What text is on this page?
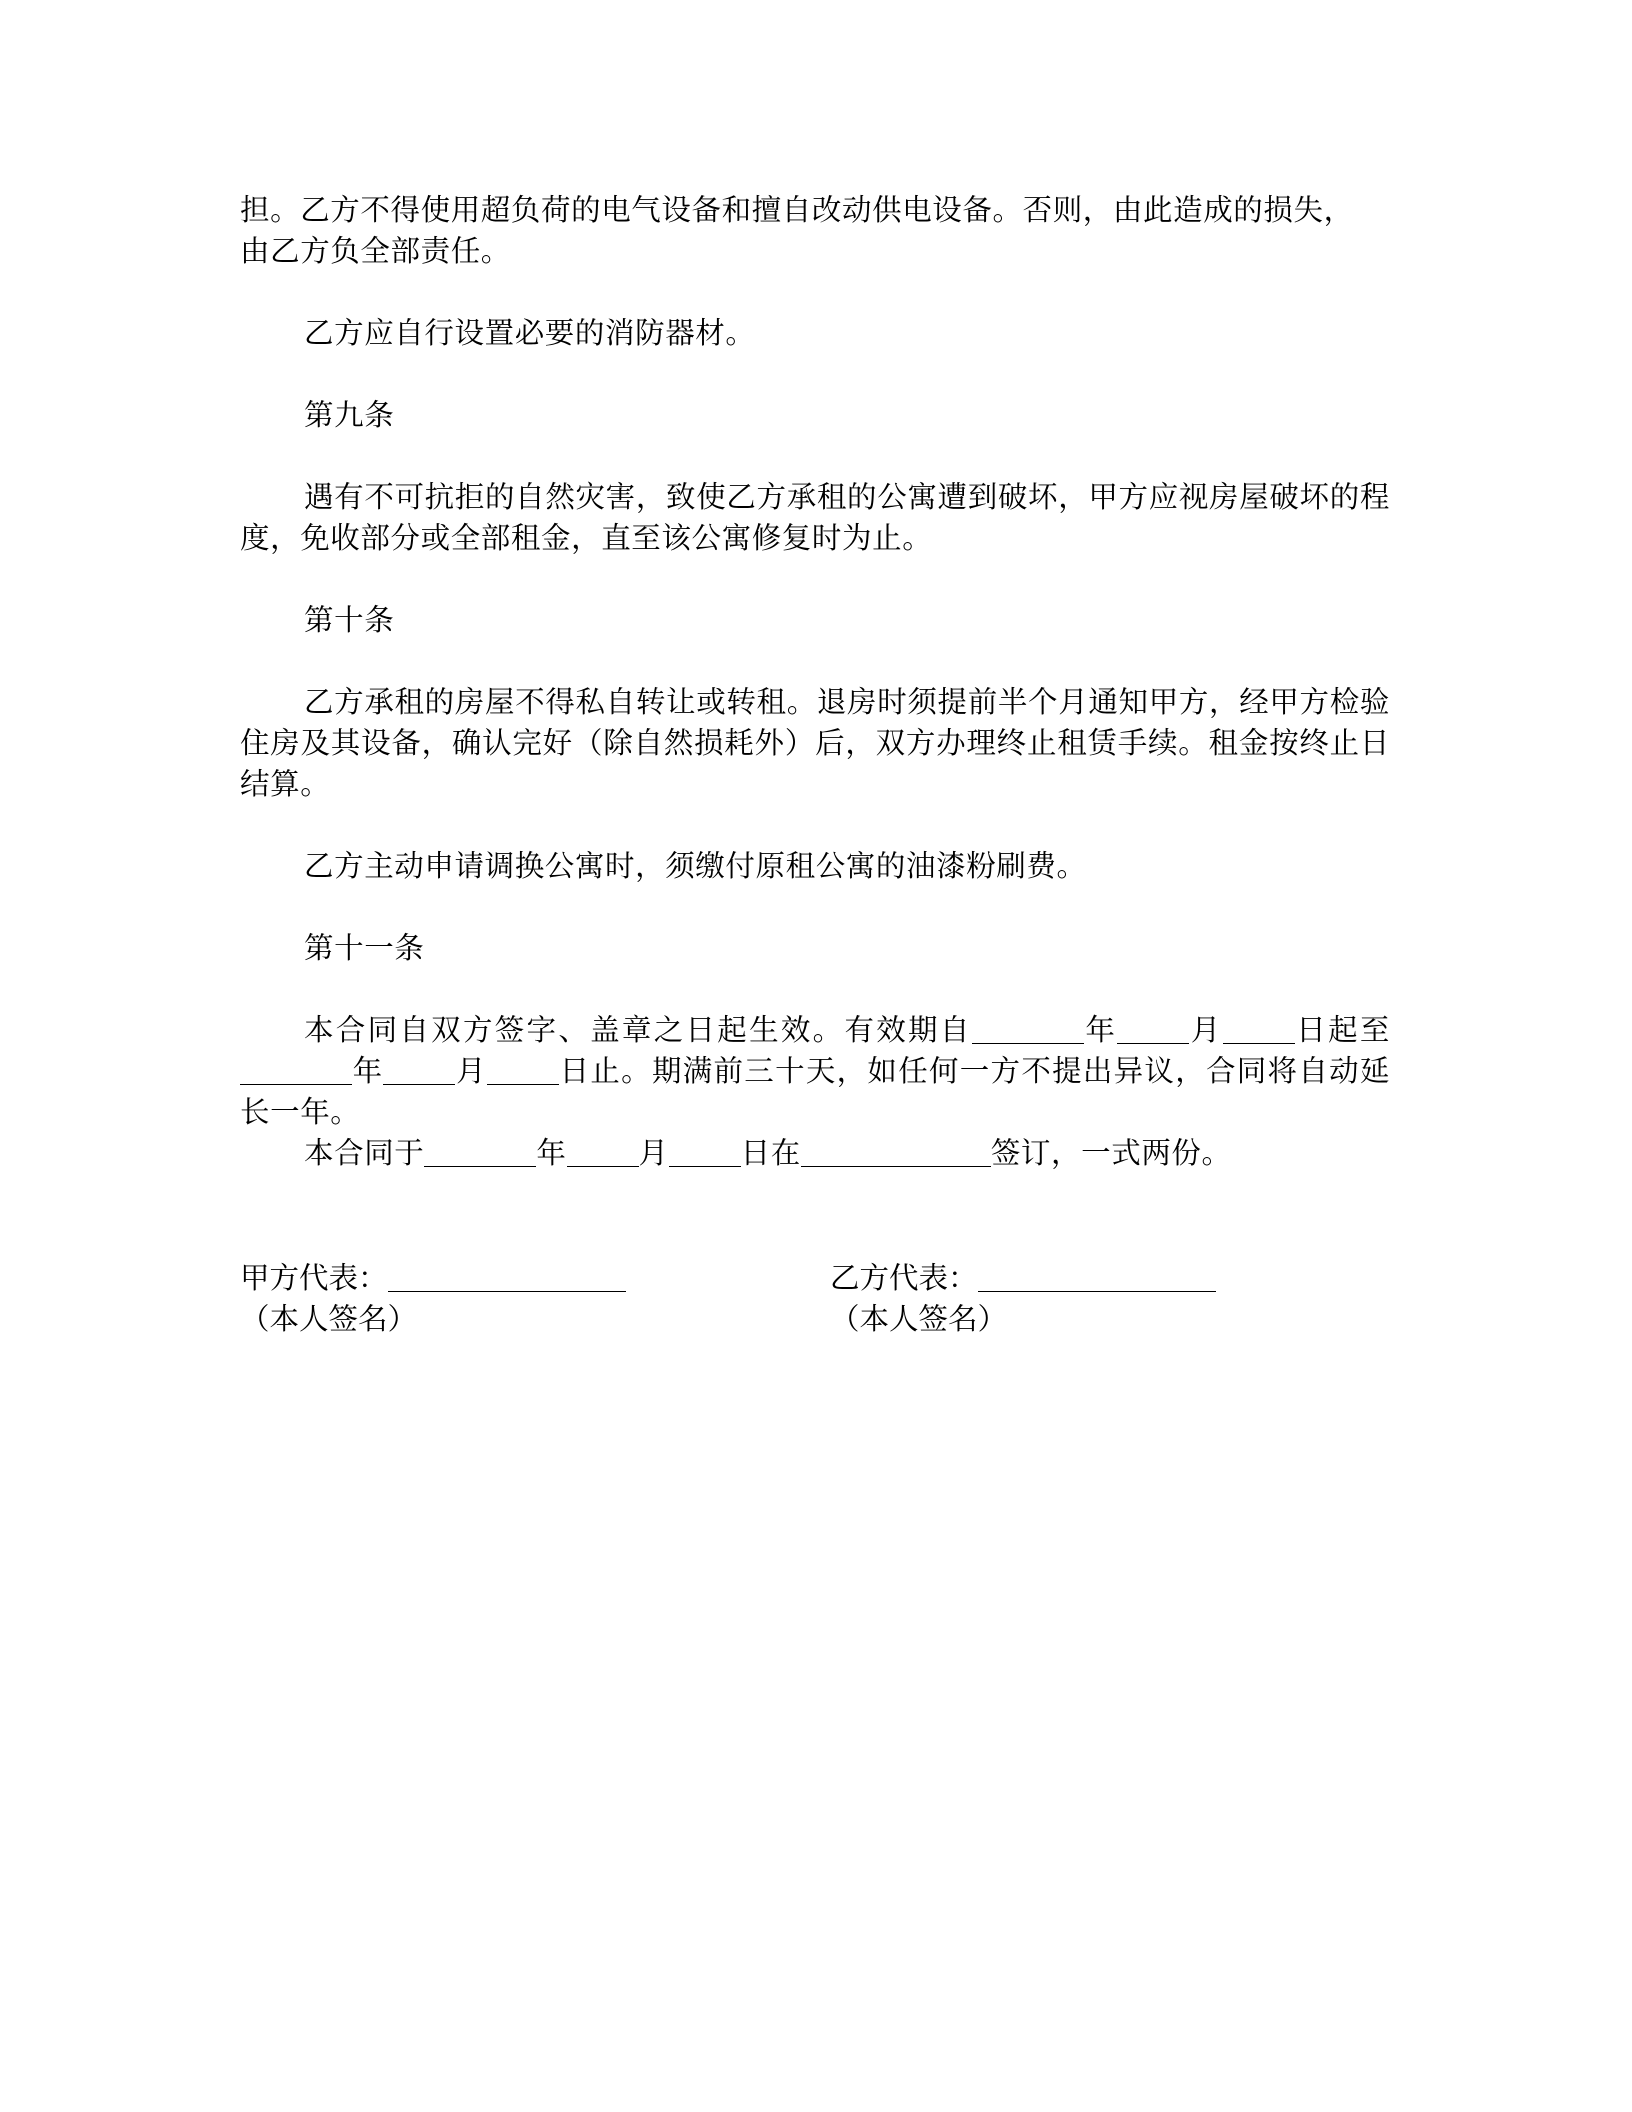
担。乙方不得使用超负荷的电气设备和擅自改动供电设备。否则，由此造成的损失，
由乙方负全部责任。

乙方应自行设置必要的消防器材。

第九条

遇有不可抗拒的自然灾害，致使乙方承租的公寓遭到破坏，甲方应视房屋破坏的程度，免收部分或全部租金，直至该公寓修复时为止。

第十条

乙方承租的房屋不得私自转让或转租。退房时须提前半个月通知甲方，经甲方检验住房及其设备，确认完好（除自然损耗外）后，双方办理终止租赁手续。租金按终止日结算。

乙方主动申请调换公寓时，须缴付原租公寓的油漆粉刷费。

第十一条

本合同自双方签字、盖章之日起生效。有效期自	年 月 日起至年 月 日止。期满前三十天，如任何一方不提出异议，合同将自动延长一年。

本合同于	年 月 日在	签订，一式两份。

甲方代表：
（本人签名）
乙方代表：
（本人签名）
